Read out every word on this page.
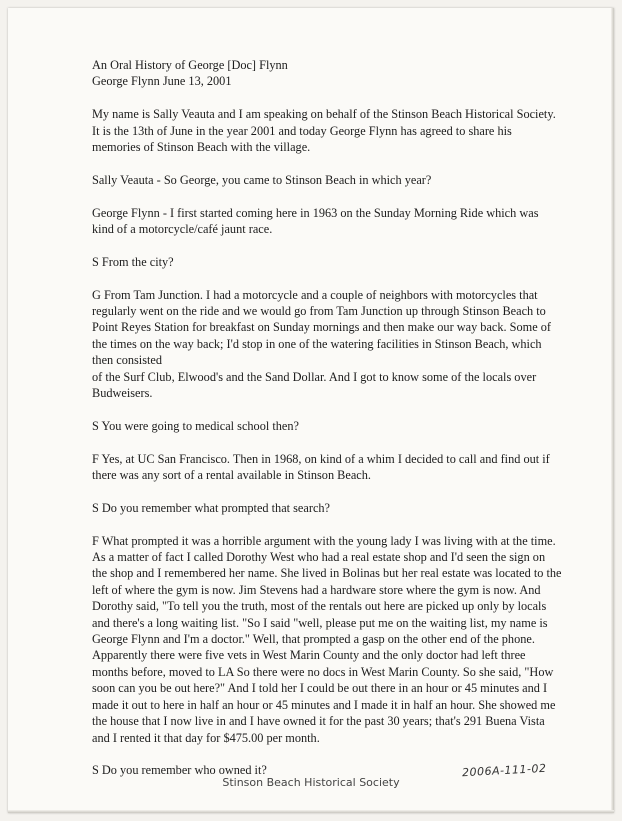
An Oral History of George [Doc] Flynn
George Flynn June 13, 2001

My name is Sally Veauta and I am speaking on behalf of the Stinson Beach Historical Society. It is the 13th of June in the year 2001 and today George Flynn has agreed to share his memories of Stinson Beach with the village.

Sally Veauta - So George, you came to Stinson Beach in which year?

George Flynn - I first started coming here in 1963 on the Sunday Morning Ride which was kind of a motorcycle/café jaunt race.

S From the city?

G From Tam Junction. I had a motorcycle and a couple of neighbors with motorcycles that regularly went on the ride and we would go from Tam Junction up through Stinson Beach to Point Reyes Station for breakfast on Sunday mornings and then make our way back. Some of the times on the way back; I'd stop in one of the watering facilities in Stinson Beach, which then consisted
of the Surf Club, Elwood's and the Sand Dollar. And I got to know some of the locals over Budweisers.

S You were going to medical school then?

F Yes, at UC San Francisco. Then in 1968, on kind of a whim I decided to call and find out if there was any sort of a rental available in Stinson Beach.

S Do you remember what prompted that search?

F What prompted it was a horrible argument with the young lady I was living with at the time. As a matter of fact I called Dorothy West who had a real estate shop and I'd seen the sign on the shop and I remembered her name. She lived in Bolinas but her real estate was located to the left of where the gym is now. Jim Stevens had a hardware store where the gym is now. And Dorothy said, "To tell you the truth, most of the rentals out here are picked up only by locals and there's a long waiting list. "So I said "well, please put me on the waiting list, my name is George Flynn and I'm a doctor." Well, that prompted a gasp on the other end of the phone. Apparently there were five vets in West Marin County and the only doctor had left three months before, moved to LA So there were no docs in West Marin County. So she said, "How soon can you be out here?" And I told her I could be out there in an hour or 45 minutes and I made it out to here in half an hour or 45 minutes and I made it in half an hour. She showed me the house that I now live in and I have owned it for the past 30 years; that's 291 Buena Vista and I rented it that day for $475.00 per month.

S Do you remember who owned it?

Stinson Beach Historical Society
2006A-111-02
